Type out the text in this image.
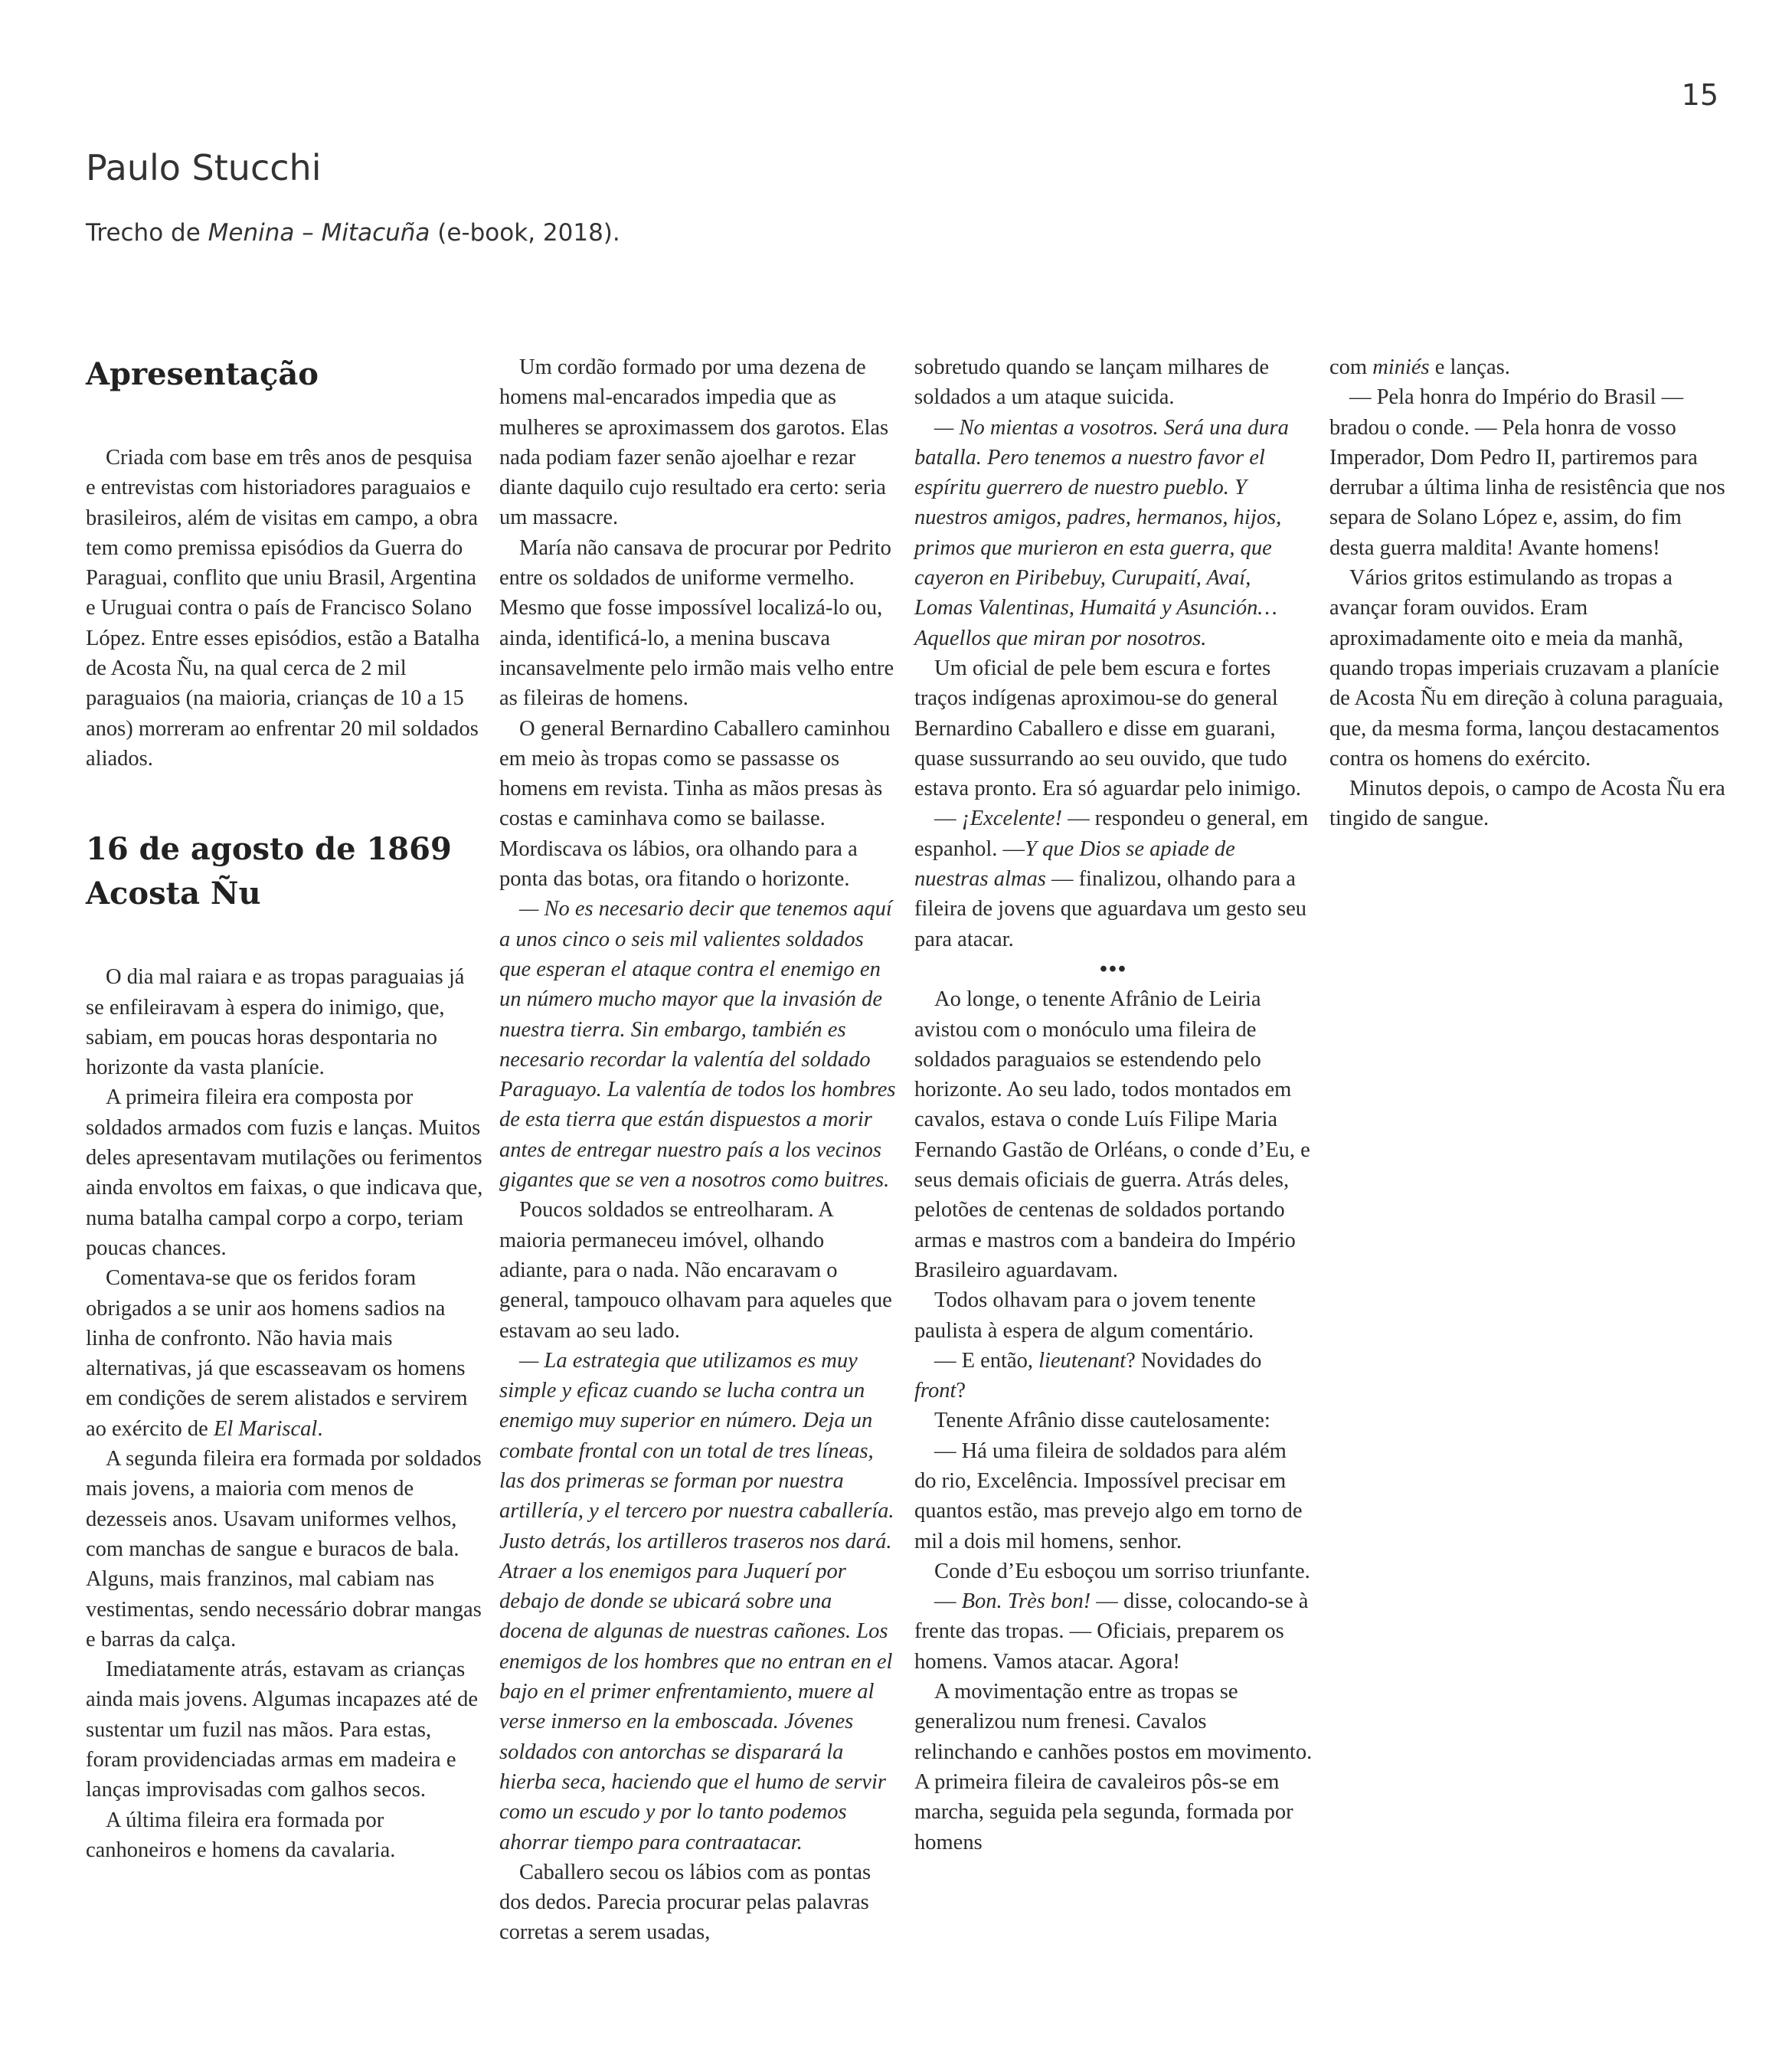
15
Paulo Stucchi

Trecho de Menina – Mitacuña (e-book, 2018).

Apresentação

Criada com base em três anos de pesquisa e entrevistas com historiadores paraguaios e brasileiros, além de visitas em campo, a obra tem como premissa episódios da Guerra do Paraguai, conflito que uniu Brasil, Argentina e Uruguai contra o país de Francisco Solano López. Entre esses episódios, estão a Batalha de Acosta Ñu, na qual cerca de 2 mil paraguaios (na maioria, crianças de 10 a 15 anos) morreram ao enfrentar 20 mil soldados aliados.

16 de agosto de 1869
Acosta Ñu

O dia mal raiara e as tropas paraguaias já se enfileiravam à espera do inimigo, que, sabiam, em poucas horas despontaria no horizonte da vasta planície.

A primeira fileira era composta por soldados armados com fuzis e lanças. Muitos deles apresentavam mutilações ou ferimentos ainda envoltos em faixas, o que indicava que, numa batalha campal corpo a corpo, teriam poucas chances.

Comentava-se que os feridos foram obrigados a se unir aos homens sadios na linha de confronto. Não havia mais alternativas, já que escasseavam os homens em condições de serem alistados e servirem ao exército de El Mariscal.

A segunda fileira era formada por soldados mais jovens, a maioria com menos de dezesseis anos. Usavam uniformes velhos, com manchas de sangue e buracos de bala. Alguns, mais franzinos, mal cabiam nas vestimentas, sendo necessário dobrar mangas e barras da calça.

Imediatamente atrás, estavam as crianças ainda mais jovens. Algumas incapazes até de sustentar um fuzil nas mãos. Para estas, foram providenciadas armas em madeira e lanças improvisadas com galhos secos.

A última fileira era formada por canhoneiros e homens da cavalaria.

Um cordão formado por uma dezena de homens mal-encarados impedia que as mulheres se aproximassem dos garotos. Elas nada podiam fazer senão ajoelhar e rezar diante daquilo cujo resultado era certo: seria um massacre.

María não cansava de procurar por Pedrito entre os soldados de uniforme vermelho. Mesmo que fosse impossível localizá-lo ou, ainda, identificá-lo, a menina buscava incansavelmente pelo irmão mais velho entre as fileiras de homens.

O general Bernardino Caballero caminhou em meio às tropas como se passasse os homens em revista. Tinha as mãos presas às costas e caminhava como se bailasse. Mordiscava os lábios, ora olhando para a ponta das botas, ora fitando o horizonte.

— No es necesario decir que tenemos aquí a unos cinco o seis mil valientes soldados que esperan el ataque contra el enemigo en un número mucho mayor que la invasión de nuestra tierra. Sin embargo, también es necesario recordar la valentía del soldado Paraguayo. La valentía de todos los hombres de esta tierra que están dispuestos a morir antes de entregar nuestro país a los vecinos gigantes que se ven a nosotros como buitres.

Poucos soldados se entreolharam. A maioria permaneceu imóvel, olhando adiante, para o nada. Não encaravam o general, tampouco olhavam para aqueles que estavam ao seu lado.

— La estrategia que utilizamos es muy simple y eficaz cuando se lucha contra un enemigo muy superior en número. Deja un combate frontal con un total de tres líneas, las dos primeras se forman por nuestra artillería, y el tercero por nuestra caballería. Justo detrás, los artilleros traseros nos dará. Atraer a los enemigos para Juquerí por debajo de donde se ubicará sobre una docena de algunas de nuestras cañones. Los enemigos de los hombres que no entran en el bajo en el primer enfrentamiento, muere al verse inmerso en la emboscada. Jóvenes soldados con antorchas se disparará la hierba seca, haciendo que el humo de servir como un escudo y por lo tanto podemos ahorrar tiempo para contraatacar.

Caballero secou os lábios com as pontas dos dedos. Parecia procurar pelas palavras corretas a serem usadas,

sobretudo quando se lançam milhares de soldados a um ataque suicida.

— No mientas a vosotros. Será una dura batalla. Pero tenemos a nuestro favor el espíritu guerrero de nuestro pueblo. Y nuestros amigos, padres, hermanos, hijos, primos que murieron en esta guerra, que cayeron en Piribebuy, Curupaití, Avaí, Lomas Valentinas, Humaitá y Asunción… Aquellos que miran por nosotros.

Um oficial de pele bem escura e fortes traços indígenas aproximou-se do general Bernardino Caballero e disse em guarani, quase sussurrando ao seu ouvido, que tudo estava pronto. Era só aguardar pelo inimigo.

— ¡Excelente! — respondeu o general, em espanhol. —Y que Dios se apiade de nuestras almas — finalizou, olhando para a fileira de jovens que aguardava um gesto seu para atacar.

•••

Ao longe, o tenente Afrânio de Leiria avistou com o monóculo uma fileira de soldados paraguaios se estendendo pelo horizonte. Ao seu lado, todos montados em cavalos, estava o conde Luís Filipe Maria Fernando Gastão de Orléans, o conde d’Eu, e seus demais oficiais de guerra. Atrás deles, pelotões de centenas de soldados portando armas e mastros com a bandeira do Império Brasileiro aguardavam.

Todos olhavam para o jovem tenente paulista à espera de algum comentário.

— E então, lieutenant? Novidades do front?

Tenente Afrânio disse cautelosamente:

— Há uma fileira de soldados para além do rio, Excelência. Impossível precisar em quantos estão, mas prevejo algo em torno de mil a dois mil homens, senhor.

Conde d’Eu esboçou um sorriso triunfante.

— Bon. Très bon! — disse, colocando-se à frente das tropas. — Oficiais, preparem os homens. Vamos atacar. Agora!

A movimentação entre as tropas se generalizou num frenesi. Cavalos relinchando e canhões postos em movimento. A primeira fileira de cavaleiros pôs-se em marcha, seguida pela segunda, formada por homens

com miniés e lanças.

— Pela honra do Império do Brasil — bradou o conde. — Pela honra de vosso Imperador, Dom Pedro II, partiremos para derrubar a última linha de resistência que nos separa de Solano López e, assim, do fim desta guerra maldita! Avante homens!

Vários gritos estimulando as tropas a avançar foram ouvidos. Eram aproximadamente oito e meia da manhã, quando tropas imperiais cruzavam a planície de Acosta Ñu em direção à coluna paraguaia, que, da mesma forma, lançou destacamentos contra os homens do exército.

Minutos depois, o campo de Acosta Ñu era tingido de sangue.
